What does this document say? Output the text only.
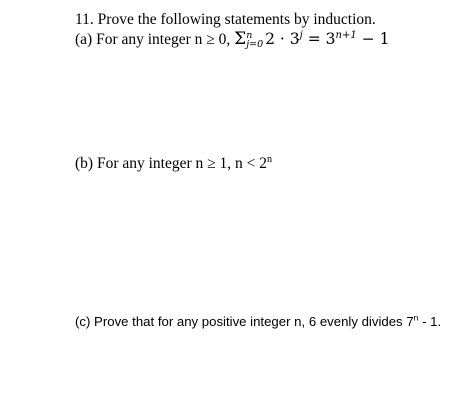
11. Prove the following statements by induction.
(a) For any integer n ≥ 0, Σ n
j=0 $2 \cdot 3^j = 3^{n+1} - 1$
(b) For any integer n ≥ 1, $n < 2^n$
(c) Prove that for any positive integer n, 6 evenly divides 7$^n$ - 1.
